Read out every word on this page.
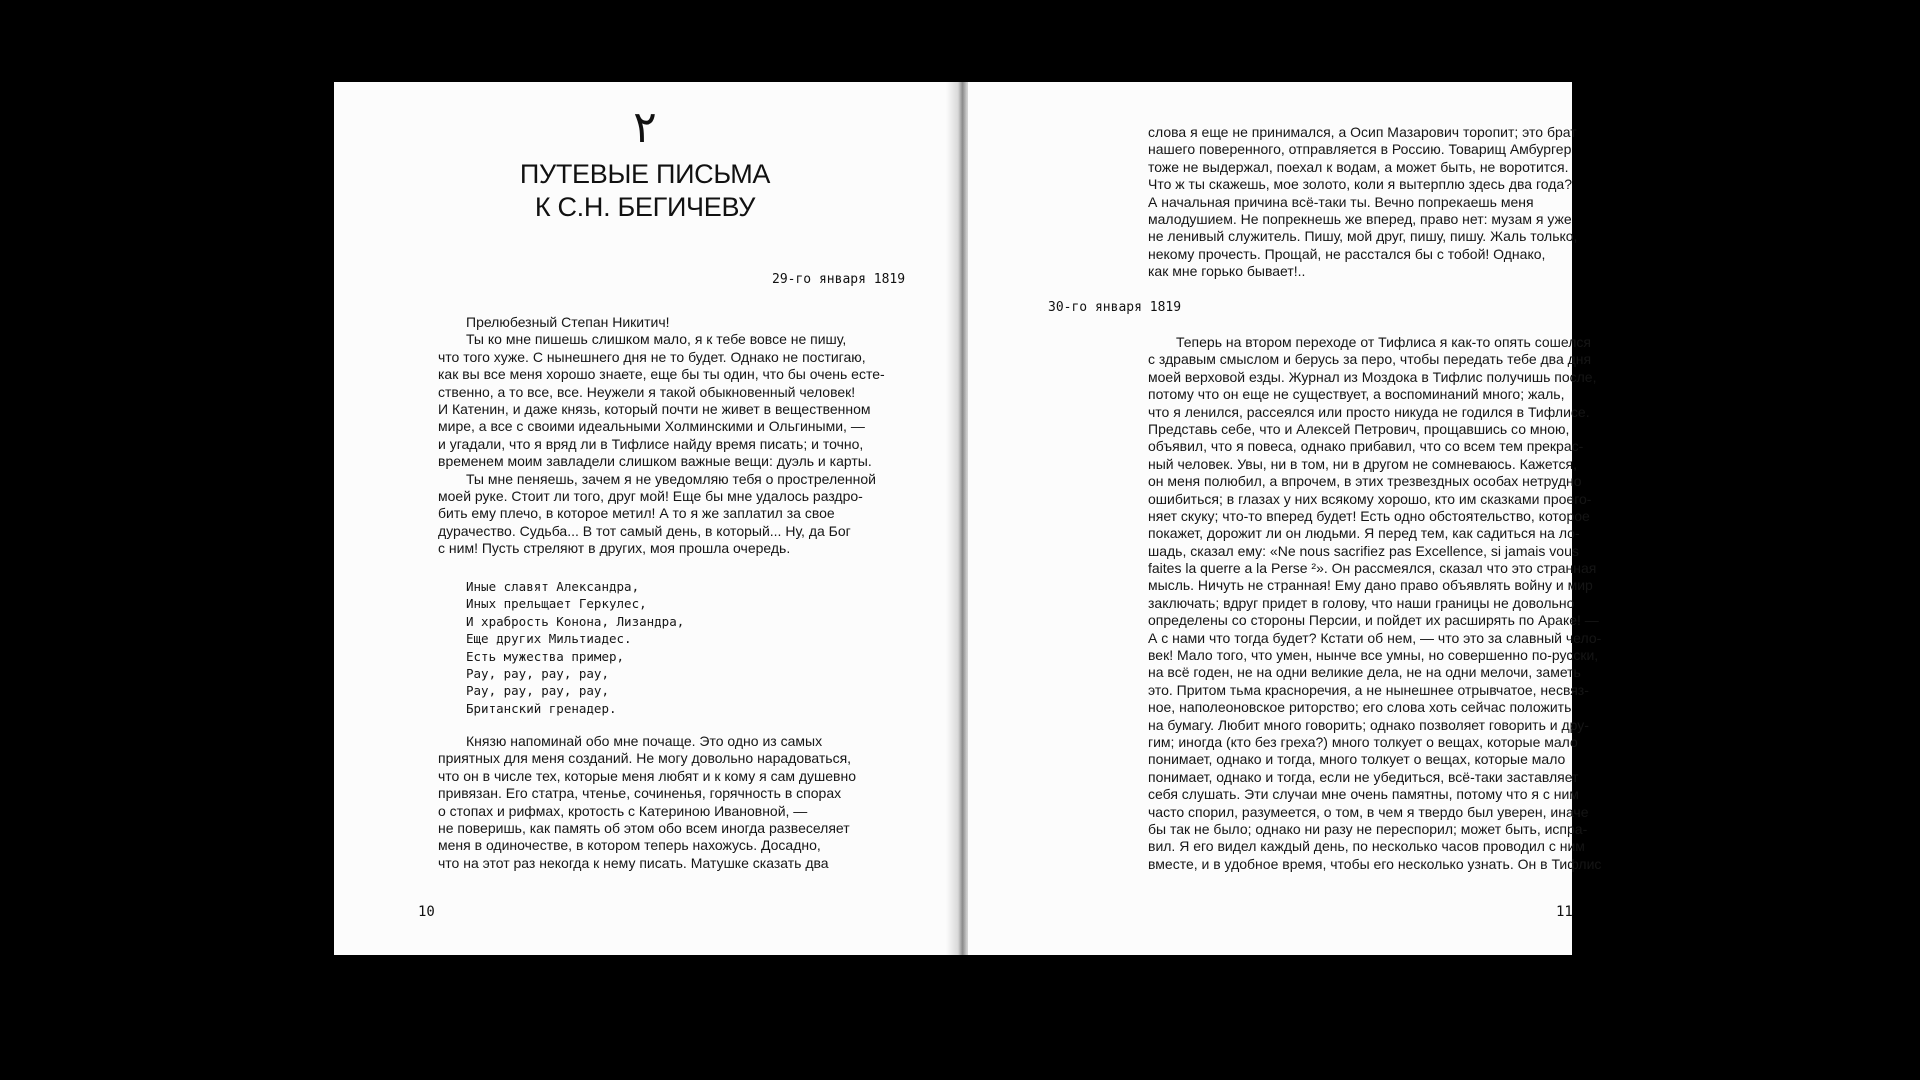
٢
ПУТЕВЫЕ ПИСЬМА
К С.Н. БЕГИЧЕВУ
29-го января 1819
Прелюбезный Степан Никитич!
Ты ко мне пишешь слишком мало, я к тебе вовсе не пишу,
что того хуже. С нынешнего дня не то будет. Однако не постигаю,
как вы все меня хорошо знаете, еще бы ты один, что бы очень есте-
ственно, а то все, все. Неужели я такой обыкновенный человек!
И Катенин, и даже князь, который почти не живет в вещественном
мире, а все с своими идеальными Холминскими и Ольгиными, —
и угадали, что я вряд ли в Тифлисе найду время писать; и точно,
временем моим завладели слишком важные вещи: дуэль и карты.
Ты мне пеняешь, зачем я не уведомляю тебя о простреленной
моей руке. Стоит ли того, друг мой! Еще бы мне удалось раздро-
бить ему плечо, в которое метил! А то я же заплатил за свое
дурачество. Судьба... В тот самый день, в который... Ну, да Бог
с ним! Пусть стреляют в других, моя прошла очередь.
Иные славят Александра,
Иных прельщает Геркулес,
И храбрость Конона, Лизандра,
Еще других Мильтиадес.
Есть мужества пример,
Рау, рау, рау, рау,
Рау, рау, рау, рау,
Британский гренадер.
Князю напоминай обо мне почаще. Это одно из самых
приятных для меня созданий. Не могу довольно нарадоваться,
что он в числе тех, которые меня любят и к кому я сам душевно
привязан. Его статра, чтенье, сочиненья, горячность в спорах
о стопах и рифмах, кротость с Катериною Ивановной, —
не поверишь, как память об этом обо всем иногда развеселяет
меня в одиночестве, в котором теперь нахожусь. Досадно,
что на этот раз некогда к нему писать. Матушке сказать два
10
слова я еще не принимался, а Осип Мазарович торопит; это брат
нашего поверенного, отправляется в Россию. Товарищ Амбургер
тоже не выдержал, поехал к водам, а может быть, не воротится.
Что ж ты скажешь, мое золото, коли я вытерплю здесь два года?
А начальная причина всё-таки ты. Вечно попрекаешь меня
малодушием. Не попрекнешь же вперед, право нет: музам я уже
не ленивый служитель. Пишу, мой друг, пишу, пишу. Жаль только,
некому прочесть. Прощай, не расстался бы с тобой! Однако,
как мне горько бывает!..
30-го января 1819
Теперь на втором переходе от Тифлиса я как-то опять сошелся
с здравым смыслом и берусь за перо, чтобы передать тебе два дня
моей верховой езды. Журнал из Моздока в Тифлис получишь после,
потому что он еще не существует, а воспоминаний много; жаль,
что я ленился, рассеялся или просто никуда не годился в Тифлисе.
Представь себе, что и Алексей Петрович, прощавшись со мною,
объявил, что я повеса, однако прибавил, что со всем тем прекрас-
ный человек. Увы, ни в том, ни в другом не сомневаюсь. Кажется,
он меня полюбил, а впрочем, в этих трезвездных особах нетрудно
ошибиться; в глазах у них всякому хорошо, кто им сказками проего-
няет скуку; что-то вперед будет! Есть одно обстоятельство, которое
покажет, дорожит ли он людьми. Я перед тем, как садиться на ло-
шадь, сказал ему: «Ne nous sacrifiez pas Excellence, si jamais vous
faites la querre a la Perse ²». Он рассмеялся, сказал что это странная
мысль. Ничуть не странная! Ему дано право объявлять войну и мир
заключать; вдруг придет в голову, что наши границы не довольно
определены со стороны Персии, и пойдет их расширять по Араке! —
А с нами что тогда будет? Кстати об нем, — что это за славный чело-
век! Мало того, что умен, нынче все умны, но совершенно по-русски,
на всё годен, не на одни великие дела, не на одни мелочи, заметь
это. Притом тьма красноречия, а не нынешнее отрывчатое, несвяз-
ное, наполеоновское риторство; его слова хоть сейчас положить
на бумагу. Любит много говорить; однако позволяет говорить и дру-
гим; иногда (кто без греха?) много толкует о вещах, которые мало
понимает, однако и тогда, много толкует о вещах, которые мало
понимает, однако и тогда, если не убедиться, всё-таки заставляет
себя слушать. Эти случаи мне очень памятны, потому что я с ним
часто спорил, разумеется, о том, в чем я твердо был уверен, иначе
бы так не было; однако ни разу не переспорил; может быть, испра-
вил. Я его видел каждый день, по несколько часов проводил с ним
вместе, и в удобное время, чтобы его несколько узнать. Он в Тифлис
11
